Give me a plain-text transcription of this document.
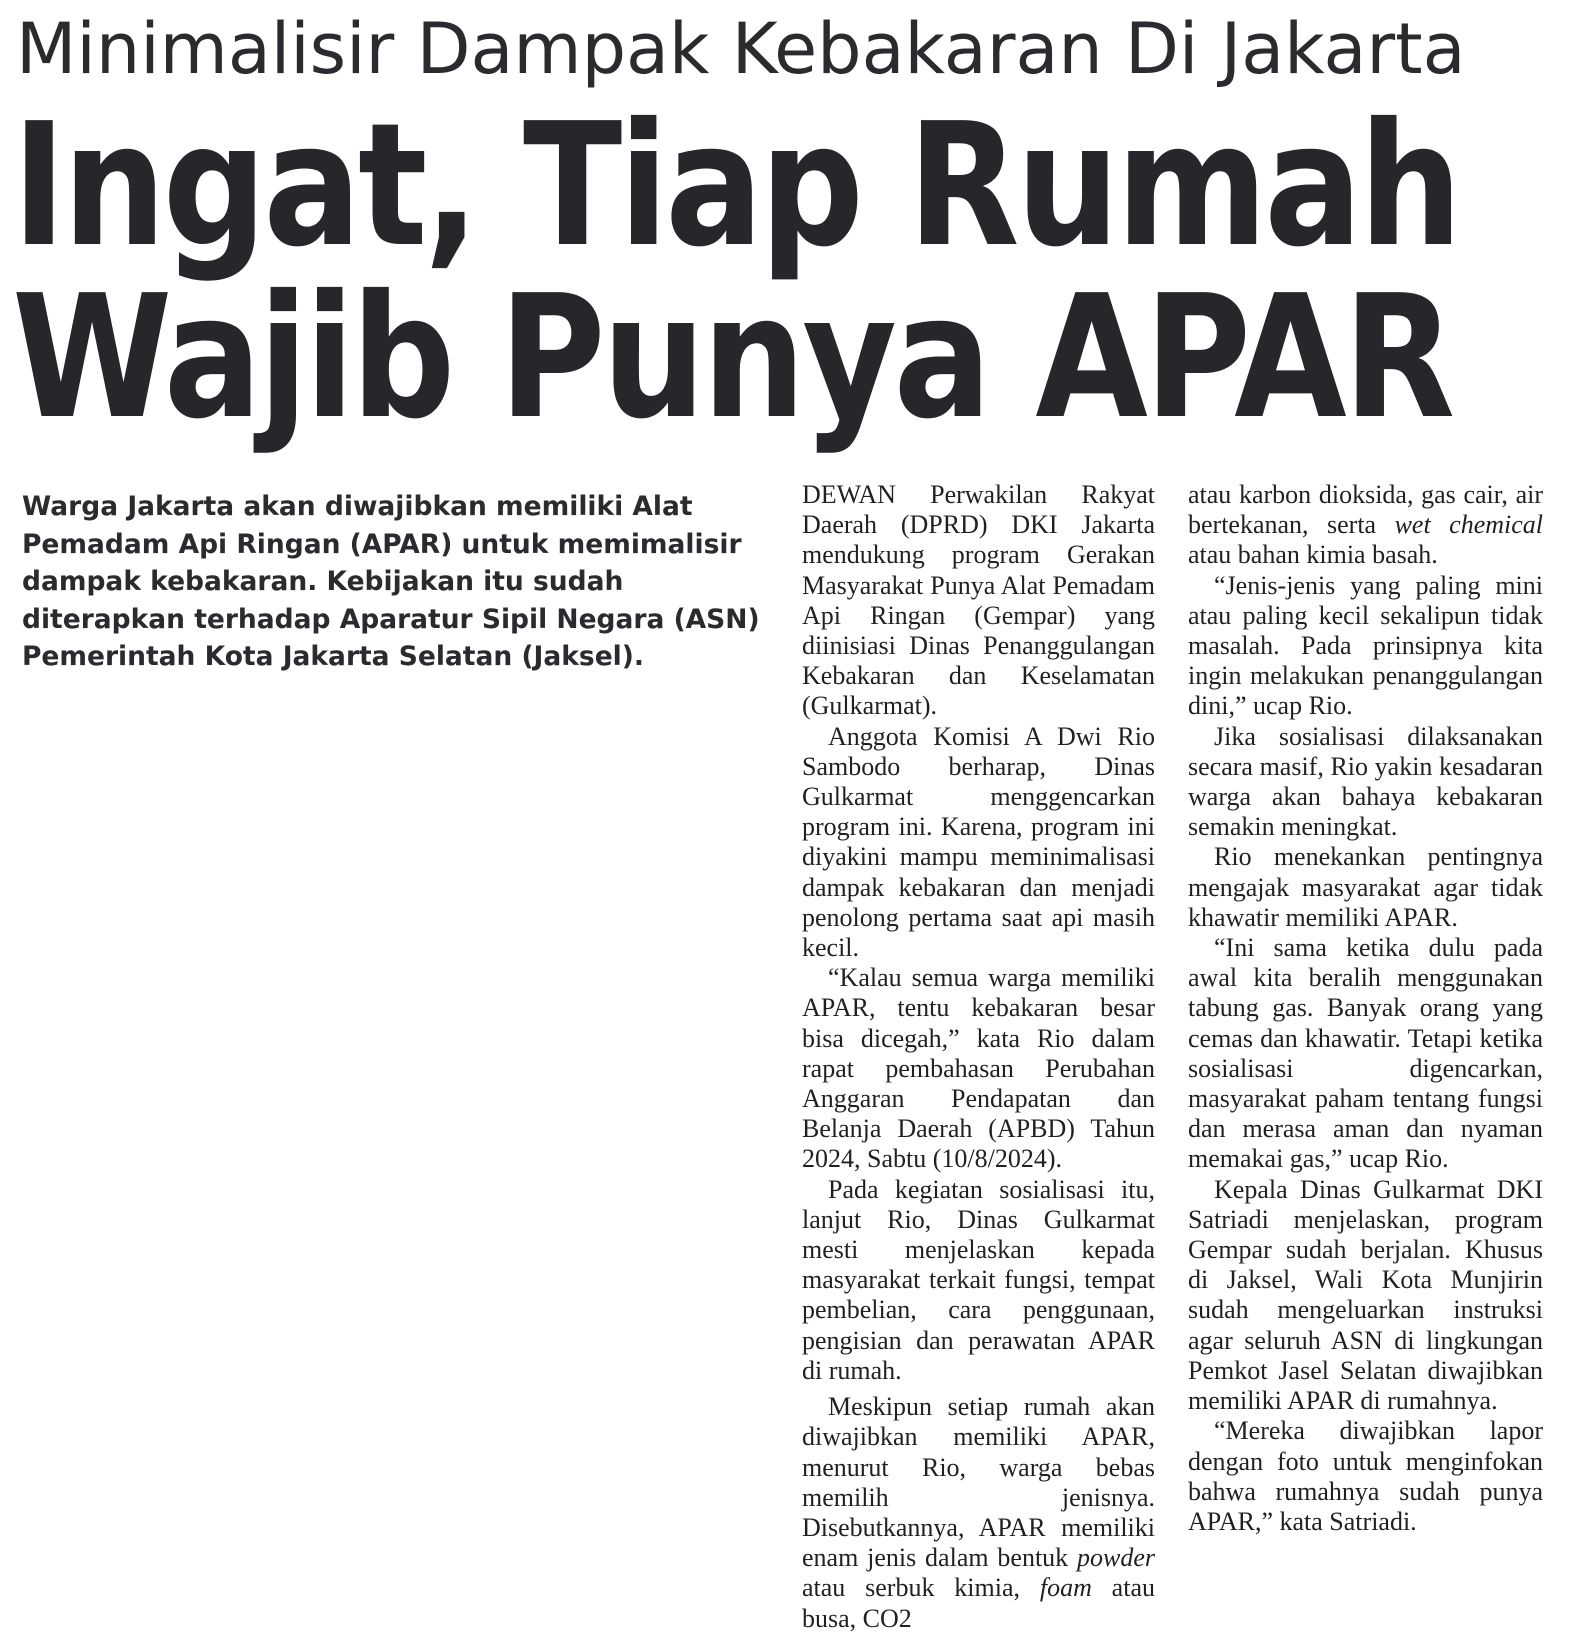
Minimalisir Dampak Kebakaran Di Jakarta
Ingat, Tiap Rumah
Wajib Punya APAR
Warga Jakarta akan diwajibkan memiliki Alat Pemadam Api Ringan (APAR) untuk memimalisir dampak kebakaran. Kebijakan itu sudah diterapkan terhadap Aparatur Sipil Negara (ASN) Pemerintah Kota Jakarta Selatan (Jaksel).

DEWAN Perwakilan Rakyat Daerah (DPRD) DKI Jakarta mendukung program Gerakan Masyarakat Punya Alat Pemadam Api Ringan (Gempar) yang diinisiasi Dinas Penanggulangan Kebakaran dan Keselamatan (Gulkarmat).

Anggota Komisi A Dwi Rio Sambodo berharap, Dinas Gulkarmat menggencarkan program ini. Karena, program ini diyakini mampu meminimalisasi dampak kebakaran dan menjadi penolong pertama saat api masih kecil.

“Kalau semua warga memiliki APAR, tentu kebakaran besar bisa dicegah,” kata Rio dalam rapat pembahasan Perubahan Anggaran Pendapatan dan Belanja Daerah (APBD) Tahun 2024, Sabtu (10/8/2024).

Pada kegiatan sosialisasi itu, lanjut Rio, Dinas Gulkarmat mesti menjelaskan kepada masyarakat terkait fungsi, tempat pembelian, cara penggunaan, pengisian dan perawatan APAR di rumah.

Meskipun setiap rumah akan diwajibkan memiliki APAR, menurut Rio, warga bebas memilih jenisnya. Disebutkannya, APAR memiliki enam jenis dalam bentuk powder atau serbuk kimia, foam atau busa, CO2

atau karbon dioksida, gas cair, air bertekanan, serta wet chemical atau bahan kimia basah.

“Jenis-jenis yang paling mini atau paling kecil sekalipun tidak masalah. Pada prinsipnya kita ingin melakukan penanggulangan dini,” ucap Rio.

Jika sosialisasi dilaksanakan secara masif, Rio yakin kesadaran warga akan bahaya kebakaran semakin meningkat.

Rio menekankan pentingnya mengajak masyarakat agar tidak khawatir memiliki APAR.

“Ini sama ketika dulu pada awal kita beralih menggunakan tabung gas. Banyak orang yang cemas dan khawatir. Tetapi ketika sosialisasi digencarkan, masyarakat paham tentang fungsi dan merasa aman dan nyaman memakai gas,” ucap Rio.

Kepala Dinas Gulkarmat DKI Satriadi menjelaskan, program Gempar sudah berjalan. Khusus di Jaksel, Wali Kota Munjirin sudah mengeluarkan instruksi agar seluruh ASN di lingkungan Pemkot Jasel Selatan diwajibkan memiliki APAR di rumahnya.

“Mereka diwajibkan lapor dengan foto untuk menginfokan bahwa rumahnya sudah punya APAR,” kata Satriadi.
